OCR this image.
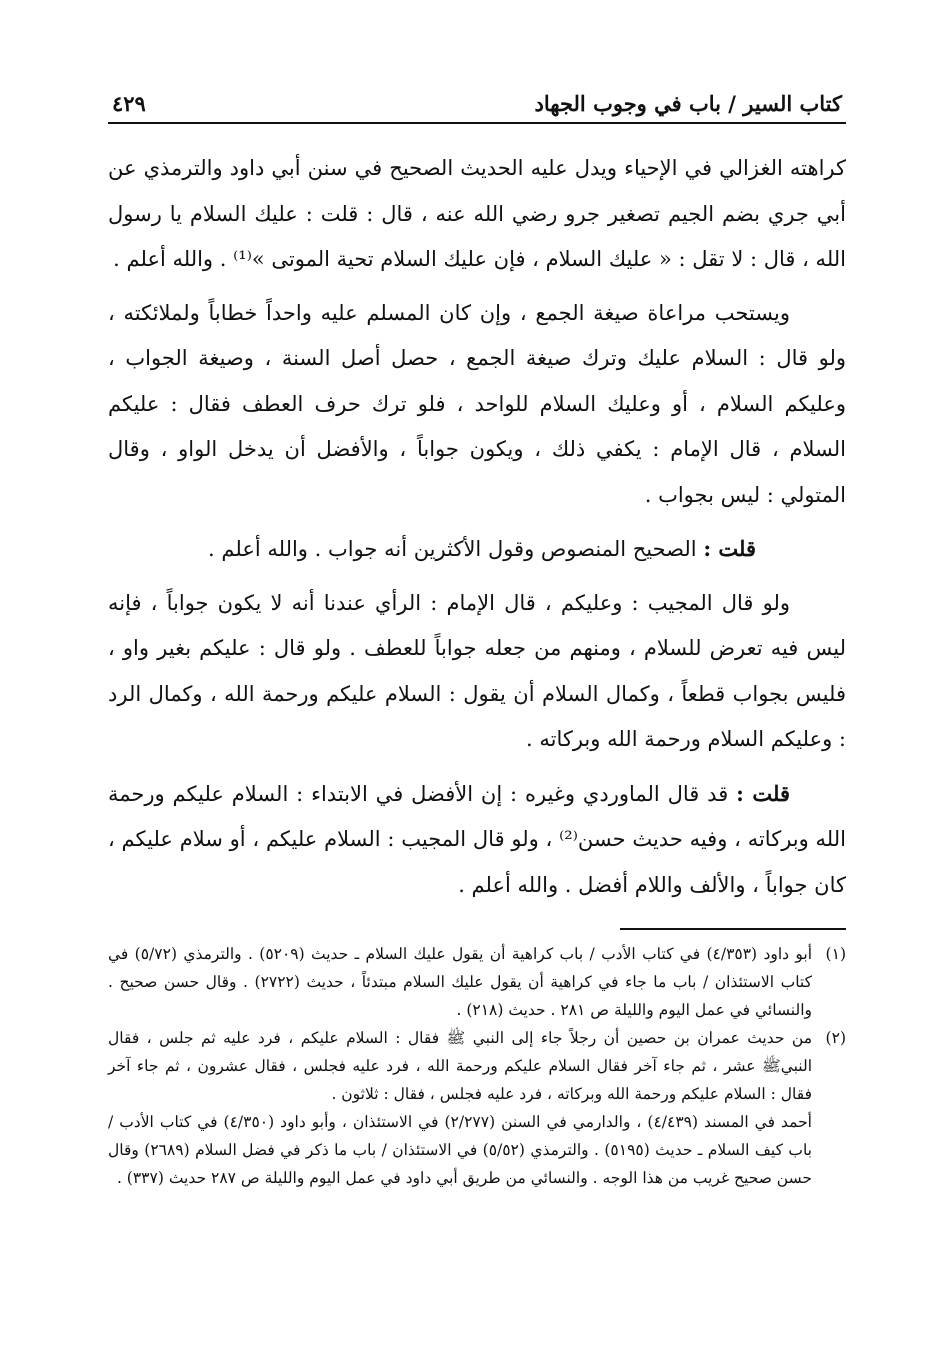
كتاب السير / باب في وجوب الجهاد
٤٢٩

كراهته الغزالي في الإحياء ويدل عليه الحديث الصحيح في سنن أبي داود والترمذي عن أبي جري بضم الجيم تصغير جرو رضي الله عنه ، قال : قلت : عليك السلام يا رسول الله ، قال : لا تقل : « عليك السلام ، فإن عليك السلام تحية الموتى »⁽¹⁾ . والله أعلم .

ويستحب مراعاة صيغة الجمع ، وإن كان المسلم عليه واحداً خطاباً ولملائكته ، ولو قال : السلام عليك وترك صيغة الجمع ، حصل أصل السنة ، وصيغة الجواب ، وعليكم السلام ، أو وعليك السلام للواحد ، فلو ترك حرف العطف فقال : عليكم السلام ، قال الإمام : يكفي ذلك ، ويكون جواباً ، والأفضل أن يدخل الواو ، وقال المتولي : ليس بجواب .

قلت : الصحيح المنصوص وقول الأكثرين أنه جواب . والله أعلم .

ولو قال المجيب : وعليكم ، قال الإمام : الرأي عندنا أنه لا يكون جواباً ، فإنه ليس فيه تعرض للسلام ، ومنهم من جعله جواباً للعطف . ولو قال : عليكم بغير واو ، فليس بجواب قطعاً ، وكمال السلام أن يقول : السلام عليكم ورحمة الله ، وكمال الرد : وعليكم السلام ورحمة الله وبركاته .

قلت : قد قال الماوردي وغيره : إن الأفضل في الابتداء : السلام عليكم ورحمة الله وبركاته ، وفيه حديث حسن⁽²⁾ ، ولو قال المجيب : السلام عليكم ، أو سلام عليكم ، كان جواباً ، والألف واللام أفضل . والله أعلم .

(١)

أبو داود (٤/٣٥٣) في كتاب الأدب / باب كراهية أن يقول عليك السلام ـ حديث (٥٢٠٩) . والترمذي (٥/٧٢) في كتاب الاستئذان / باب ما جاء في كراهية أن يقول عليك السلام مبتدئاً ، حديث (٢٧٢٢) . وقال حسن صحيح . والنسائي في عمل اليوم والليلة ص ٢٨١ . حديث (٢١٨) .

(٢)

من حديث عمران بن حصين أن رجلاً جاء إلى النبي ﷺ فقال : السلام عليكم ، فرد عليه ثم جلس ، فقال النبيﷺ عشر ، ثم جاء آخر فقال السلام عليكم ورحمة الله ، فرد عليه فجلس ، فقال عشرون ، ثم جاء آخر فقال : السلام عليكم ورحمة الله وبركاته ، فرد عليه فجلس ، فقال : ثلاثون .

أحمد في المسند (٤/٤٣٩) ، والدارمي في السنن (٢/٢٧٧) في الاستئذان ، وأبو داود (٤/٣٥٠) في كتاب الأدب / باب كيف السلام ـ حديث (٥١٩٥) . والترمذي (٥/٥٢) في الاستئذان / باب ما ذكر في فضل السلام (٢٦٨٩) وقال حسن صحيح غريب من هذا الوجه . والنسائي من طريق أبي داود في عمل اليوم والليلة ص ٢٨٧ حديث (٣٣٧) .
